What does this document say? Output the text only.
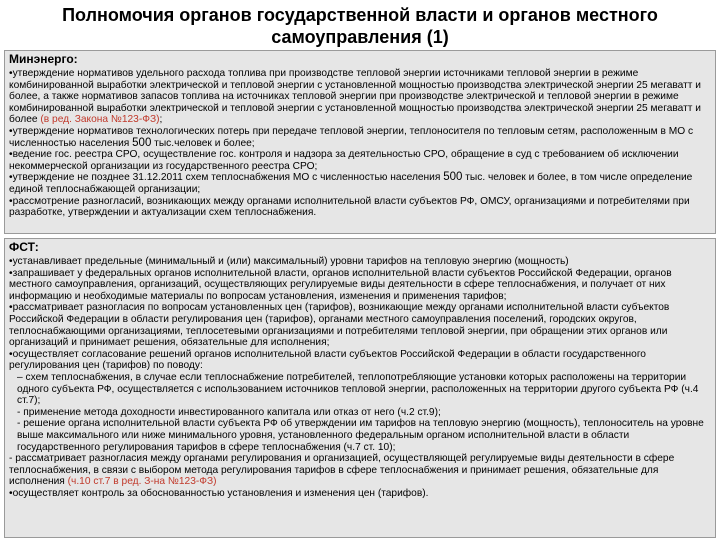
Полномочия органов государственной власти и органов местного
самоуправления (1)
Минэнерго:

•утверждение нормативов удельного расхода топлива при производстве тепловой энергии источниками тепловой энергии в режиме комбинированной выработки электрической и тепловой энергии с установленной мощностью производства электрической энергии 25 мегаватт и более, а также нормативов запасов топлива на источниках тепловой энергии при производстве электрической и тепловой энергии в режиме комбинированной выработки электрической и тепловой энергии с установленной мощностью производства электрической энергии 25 мегаватт и более (в ред. Закона №123-ФЗ);

•утверждение нормативов технологических потерь при передаче тепловой энергии, теплоносителя по тепловым сетям, расположенным в МО с численностью населения 500 тыс.человек и более;

•ведение гос. реестра СРО, осуществление гос. контроля и надзора за деятельностью СРО, обращение в суд с требованием об исключении некоммерческой организации из государственного реестра СРО;

•утверждение не позднее 31.12.2011 схем теплоснабжения МО с численностью населения 500 тыс. человек и более, в том числе определение единой теплоснабжающей организации;

•рассмотрение разногласий, возникающих между органами исполнительной власти субъектов РФ, ОМСУ, организациями и потребителями при разработке, утверждении и актуализации схем теплоснабжения.

ФСТ:

•устанавливает предельные (минимальный и (или) максимальный) уровни тарифов на тепловую энергию (мощность)

•запрашивает у федеральных органов исполнительной власти, органов исполнительной власти субъектов Российской Федерации, органов местного самоуправления, организаций, осуществляющих регулируемые виды деятельности в сфере теплоснабжения, и получает от них информацию и необходимые материалы по вопросам установления, изменения и применения тарифов;

•рассматривает разногласия по вопросам установленных цен (тарифов), возникающие между органами исполнительной власти субъектов Российской Федерации в области регулирования цен (тарифов), органами местного самоуправления поселений, городских округов, теплоснабжающими организациями, теплосетевыми организациями и потребителями тепловой энергии, при обращении этих органов или организаций и принимает решения, обязательные для исполнения;

•осуществляет согласование решений органов исполнительной власти субъектов Российской Федерации в области государственного регулирования цен (тарифов) по поводу:

– схем теплоснабжения, в случае если теплоснабжение потребителей, теплопотребляющие установки которых расположены на территории одного субъекта РФ, осуществляется с использованием источников тепловой энергии, расположенных на территории другого субъекта РФ (ч.4 ст.7);

- применение метода доходности инвестированного капитала или отказ от него (ч.2 ст.9);

- решение органа исполнительной власти субъекта РФ об утверждении им тарифов на тепловую энергию (мощность), теплоноситель на уровне выше максимального или ниже минимального уровня, установленного федеральным органом исполнительной власти в области государственного регулирования тарифов в сфере теплоснабжения (ч.7 ст. 10);

- рассматривает разногласия между органами регулирования и организацией, осуществляющей регулируемые виды деятельности в сфере теплоснабжения, в связи с выбором метода регулирования тарифов в сфере теплоснабжения и принимает решения, обязательные для исполнения (ч.10 ст.7 в ред. З-на №123-ФЗ)

•осуществляет контроль за обоснованностью установления и изменения цен (тарифов).
